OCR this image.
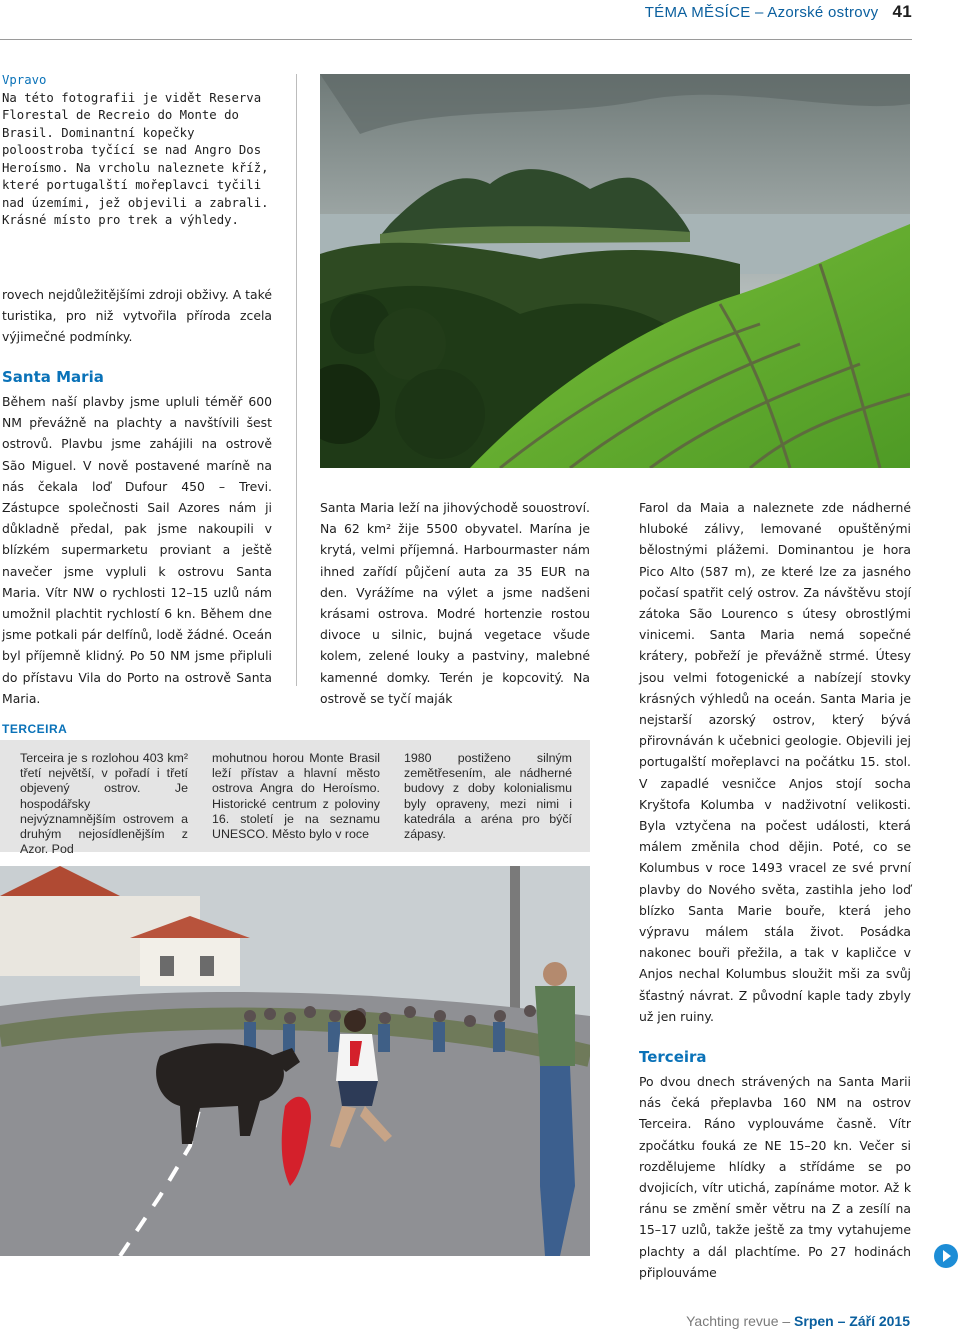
TÉMA MĚSÍCE – Azorské ostrovy 41
Vpravo
Na této fotografii je vidět Reserva Florestal de Recreio do Monte do Brasil. Dominantní kopečky poloostroba tyčící se nad Angro Dos Heroísmo. Na vrcholu naleznete kříž, které portugalští mořeplavci tyčili nad územími, jež objevili a zabrali. Krásné místo pro trek a výhledy.
rovech nejdůležitějšími zdroji obživy. A také turistika, pro niž vytvořila příroda zcela výjimečné podmínky.
Santa Maria
Během naší plavby jsme upluli téměř 600 NM převážně na plachty a navštívili šest ostrovů. Plavbu jsme zahájili na ostrově São Miguel. V nově postavené maríně na nás čekala loď Dufour 450 – Trevi. Zástupce společnosti Sail Azores nám ji důkladně předal, pak jsme nakoupili v blízkém supermarketu proviant a ještě navečer jsme vypluli k ostrovu Santa Maria. Vítr NW o rychlosti 12–15 uzlů nám umožnil plachtit rychlostí 6 kn. Během dne jsme potkali pár delfínů, lodě žádné. Oceán byl příjemně klidný. Po 50 NM jsme připluli do přístavu Vila do Porto na ostrově Santa Maria.
Santa Maria leží na jihovýchodě souostroví. Na 62 km² žije 5500 obyvatel. Marína je krytá, velmi příjemná. Harbourmaster nám ihned zařídí půjčení auta za 35 EUR na den. Vyrážíme na výlet a jsme nadšeni krásami ostrova. Modré hortenzie rostou divoce u silnic, bujná vegetace všude kolem, zelené louky a pastviny, malebné kamenné domky. Terén je kopcovitý. Na ostrově se tyčí maják
Farol da Maia a naleznete zde nádherné hluboké zálivy, lemované opuštěnými bělostnými plážemi. Dominantou je hora Pico Alto (587 m), ze které lze za jasného počasí spatřit celý ostrov. Za návštěvu stojí zátoka São Lourenco s útesy obrostlými vinicemi. Santa Maria nemá sopečné krátery, pobřeží je převážně strmé. Útesy jsou velmi fotogenické a nabízejí stovky krásných výhledů na oceán. Santa Maria je nejstarší azorský ostrov, který bývá přirovnáván k učebnici geologie. Objevili jej portugalští mořeplavci na počátku 15. stol. V zapadlé vesničce Anjos stojí socha Kryštofa Kolumba v nadživotní velikosti. Byla vztyčena na počest události, která málem změnila chod dějin. Poté, co se Kolumbus v roce 1493 vracel ze své první plavby do Nového světa, zastihla jeho loď blízko Santa Marie bouře, která jeho výpravu málem stála život. Posádka nakonec bouři přežila, a tak v kapličce v Anjos nechal Kolumbus sloužit mši za svůj šťastný návrat. Z původní kaple tady zbyly už jen ruiny.
Terceira
Po dvou dnech strávených na Santa Marii nás čeká přeplavba 160 NM na ostrov Terceira. Ráno vyplouváme časně. Vítr zpočátku fouká ze NE 15–20 kn. Večer si rozdělujeme hlídky a střídáme se po dvojicích, vítr utichá, zapínáme motor. Až k ránu se změní směr větru na Z a zesílí na 15–17 uzlů, takže ještě za tmy vytahujeme plachty a dál plachtíme. Po 27 hodinách připlouváme
TERCEIRA
Terceira je s rozlohou 403 km² třetí největší, v pořadí i třetí objevený ostrov. Je hospodářsky nejvýznamnějším ostrovem a druhým nejosídlenějším z Azor. Pod
mohutnou horou Monte Brasil leží přístav a hlavní město ostrova Angra do Heroísmo. Historické centrum z poloviny 16. století je na seznamu UNESCO. Město bylo v roce
1980 postiženo silným zemětřesením, ale nádherné budovy z doby kolonialismu byly opraveny, mezi nimi i katedrála a aréna pro býčí zápasy.
Yachting revue – Srpen – Září 2015
